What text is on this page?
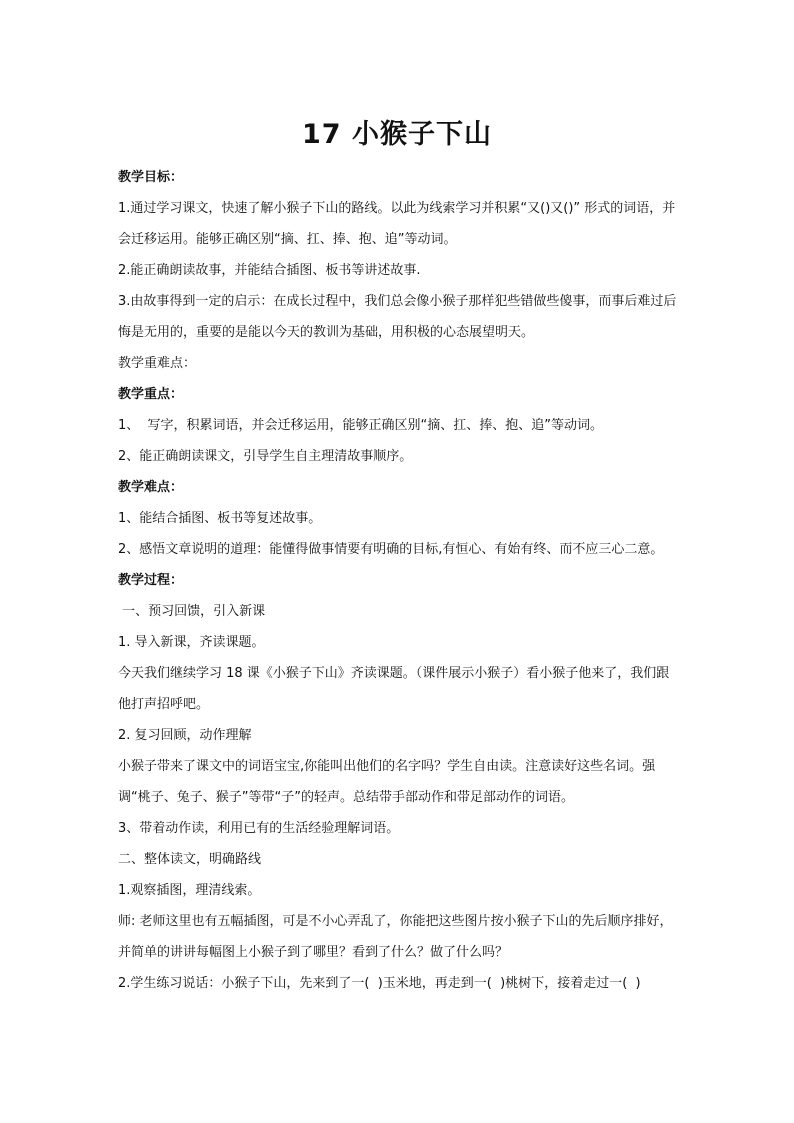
17 小猴子下山

教学目标：

1.通过学习课文，快速了解小猴子下山的路线。以此为线索学习并积累“又()又()” 形式的词语，并会迁移运用。能够正确区别“摘、扛、捧、抱、追”等动词。

2.能正确朗读故事，并能结合插图、板书等讲述故事.

3.由故事得到一定的启示：在成长过程中，我们总会像小猴子那样犯些错做些傻事，而事后难过后悔是无用的，重要的是能以今天的教训为基础，用积极的心态展望明天。

教学重难点：

教学重点：

1、  写字，积累词语，并会迁移运用，能够正确区别“摘、扛、捧、抱、追”等动词。

2、能正确朗读课文，引导学生自主理清故事顺序。

教学难点：

1、能结合插图、板书等复述故事。

2、感悟文章说明的道理：能懂得做事情要有明确的目标,有恒心、有始有终、而不应三心二意。

教学过程：

一、预习回馈，引入新课

1. 导入新课，齐读课题。

今天我们继续学习 18 课《小猴子下山》齐读课题。（课件展示小猴子）看小猴子他来了，我们跟他打声招呼吧。

2. 复习回顾，动作理解

小猴子带来了课文中的词语宝宝,你能叫出他们的名字吗？学生自由读。注意读好这些名词。强调“桃子、兔子、猴子”等带“子”的轻声。总结带手部动作和带足部动作的词语。

3、带着动作读，利用已有的生活经验理解词语。

二、整体读文，明确路线

1.观察插图，理清线索。

师: 老师这里也有五幅插图，可是不小心弄乱了，你能把这些图片按小猴子下山的先后顺序排好，并简单的讲讲每幅图上小猴子到了哪里？看到了什么？做了什么吗？

2.学生练习说话：小猴子下山，先来到了一(  )玉米地，再走到一(  )桃树下，接着走过一(  )
